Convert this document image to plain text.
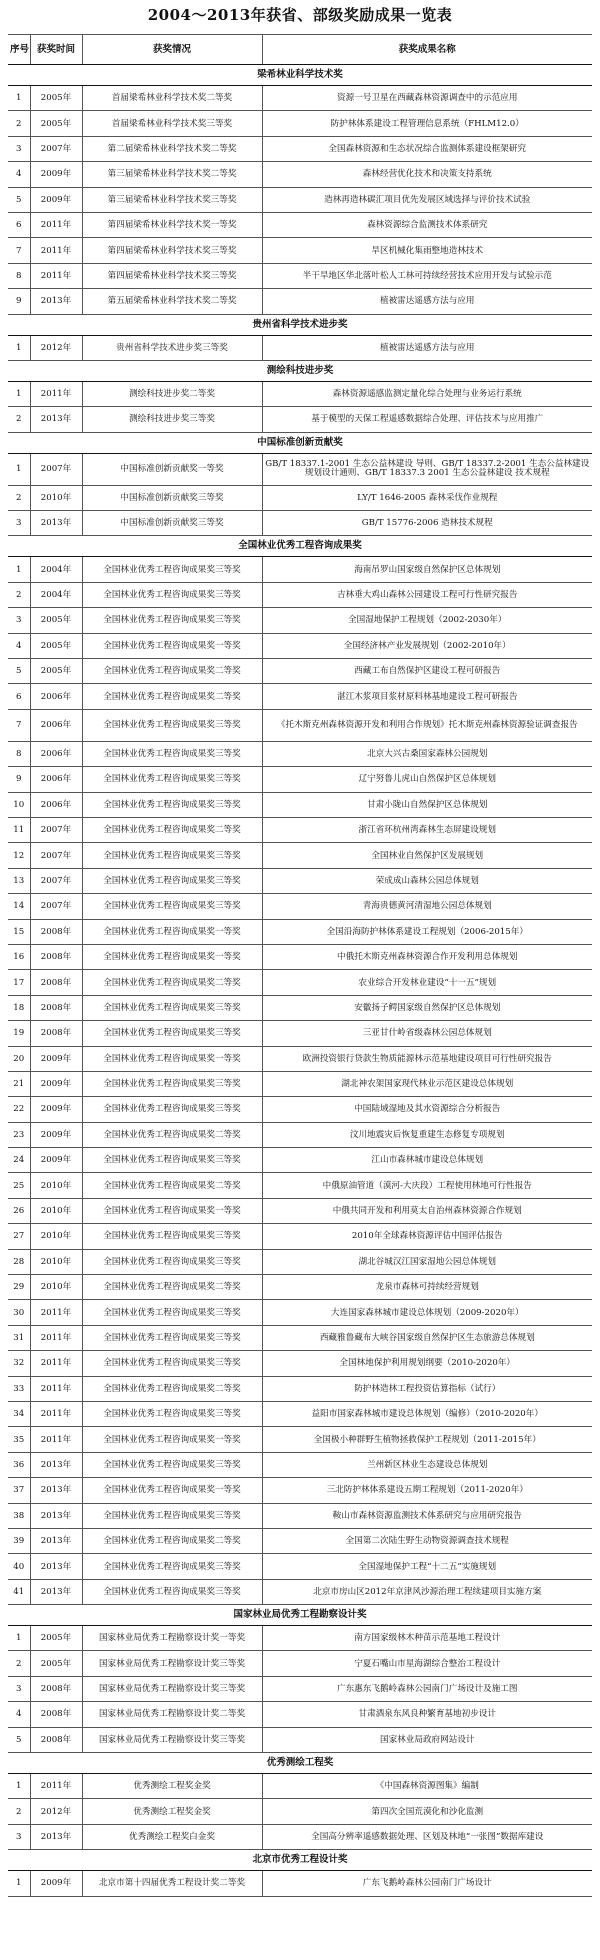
2004～2013年获省、部级奖励成果一览表
序号	获奖时间	获奖情况	获奖成果名称
梁希林业科学技术奖			
1	2005年	首届梁希林业科学技术奖二等奖	资源一号卫星在西藏森林资源调查中的示范应用
2	2005年	首届梁希林业科学技术奖三等奖	防护林体系建设工程管理信息系统（FHLM12.0）
3	2007年	第二届梁希林业科学技术奖二等奖	全国森林资源和生态状况综合监测体系建设框架研究
4	2009年	第三届梁希林业科学技术奖二等奖	森林经营优化技术和决策支持系统
5	2009年	第三届梁希林业科学技术奖三等奖	造林再造林碳汇项目优先发展区域选择与评价技术试验
6	2011年	第四届梁希林业科学技术奖一等奖	森林资源综合监测技术体系研究
7	2011年	第四届梁希林业科学技术奖三等奖	旱区机械化集雨整地造林技术
8	2011年	第四届梁希林业科学技术奖三等奖	半干旱地区华北落叶松人工林可持续经营技术应用开发与试验示范
9	2013年	第五届梁希林业科学技术奖二等奖	植被雷达遥感方法与应用
贵州省科学技术进步奖			
1	2012年	贵州省科学技术进步奖三等奖	植被雷达遥感方法与应用
测绘科技进步奖			
1	2011年	测绘科技进步奖二等奖	森林资源遥感监测定量化综合处理与业务运行系统
2	2013年	测绘科技进步奖三等奖	基于模型的天保工程遥感数据综合处理、评估技术与应用推广
中国标准创新贡献奖			
1	2007年	中国标准创新贡献奖一等奖	GB/T 18337.1-2001 生态公益林建设 导则、GB/T 18337.2-2001 生态公益林建设 规划设计通则、GB/T 18337.3 2001 生态公益林建设 技术规程
2	2010年	中国标准创新贡献奖三等奖	LY/T 1646-2005 森林采伐作业规程
3	2013年	中国标准创新贡献奖三等奖	GB/T 15776-2006 造林技术规程
全国林业优秀工程咨询成果奖			
1	2004年	全国林业优秀工程咨询成果奖三等奖	海南吊罗山国家级自然保护区总体规划
2	2004年	全国林业优秀工程咨询成果奖三等奖	吉林垂大鸡山森林公园建设工程可行性研究报告
3	2005年	全国林业优秀工程咨询成果奖三等奖	全国湿地保护工程规划（2002-2030年）
4	2005年	全国林业优秀工程咨询成果奖一等奖	全国经济林产业发展规划（2002-2010年）
5	2005年	全国林业优秀工程咨询成果奖二等奖	西藏工布自然保护区建设工程可研报告
6	2006年	全国林业优秀工程咨询成果奖二等奖	湛江木浆项目浆材原料林基地建设工程可研报告
7	2006年	全国林业优秀工程咨询成果奖三等奖	《托木斯克州森林资源开发和利用合作规划》托木斯克州森林资源验证调查报告
8	2006年	全国林业优秀工程咨询成果奖三等奖	北京大兴古桑国家森林公园规划
9	2006年	全国林业优秀工程咨询成果奖三等奖	辽宁努鲁儿虎山自然保护区总体规划
10	2006年	全国林业优秀工程咨询成果奖三等奖	甘肃小陇山自然保护区总体规划
11	2007年	全国林业优秀工程咨询成果奖二等奖	浙江省环杭州湾森林生态屏建设规划
12	2007年	全国林业优秀工程咨询成果奖三等奖	全国林业自然保护区发展规划
13	2007年	全国林业优秀工程咨询成果奖三等奖	荣成成山森林公园总体规划
14	2007年	全国林业优秀工程咨询成果奖三等奖	青海贵德黄河清湿地公园总体规划
15	2008年	全国林业优秀工程咨询成果奖一等奖	全国沿海防护林体系建设工程规划（2006-2015年）
16	2008年	全国林业优秀工程咨询成果奖一等奖	中俄托木斯克州森林资源合作开发利用总体规划
17	2008年	全国林业优秀工程咨询成果奖二等奖	农业综合开发林业建设“十一五”规划
18	2008年	全国林业优秀工程咨询成果奖三等奖	安徽扬子鳄国家级自然保护区总体规划
19	2008年	全国林业优秀工程咨询成果奖三等奖	三亚甘什岭省级森林公园总体规划
20	2009年	全国林业优秀工程咨询成果奖一等奖	欧洲投资银行贷款生物质能源林示范基地建设项目可行性研究报告
21	2009年	全国林业优秀工程咨询成果奖三等奖	湖北神农架国家现代林业示范区建设总体规划
22	2009年	全国林业优秀工程咨询成果奖三等奖	中国陆域湿地及其水资源综合分析报告
23	2009年	全国林业优秀工程咨询成果奖二等奖	汶川地震灾后恢复重建生态修复专项规划
24	2009年	全国林业优秀工程咨询成果奖三等奖	江山市森林城市建设总体规划
25	2010年	全国林业优秀工程咨询成果奖二等奖	中俄原油管道（漠河-大庆段）工程使用林地可行性报告
26	2010年	全国林业优秀工程咨询成果奖一等奖	中俄共同开发和利用莫太自治州森林资源合作规划
27	2010年	全国林业优秀工程咨询成果奖三等奖	2010年全球森林资源评估中国评估报告
28	2010年	全国林业优秀工程咨询成果奖三等奖	湖北谷城汉江国家湿地公园总体规划
29	2010年	全国林业优秀工程咨询成果奖二等奖	龙泉市森林可持续经营规划
30	2011年	全国林业优秀工程咨询成果奖三等奖	大连国家森林城市建设总体规划（2009-2020年）
31	2011年	全国林业优秀工程咨询成果奖三等奖	西藏雅鲁藏布大峡谷国家级自然保护区生态旅游总体规划
32	2011年	全国林业优秀工程咨询成果奖三等奖	全国林地保护利用规划纲要（2010-2020年）
33	2011年	全国林业优秀工程咨询成果奖二等奖	防护林造林工程投资估算指标（试行）
34	2011年	全国林业优秀工程咨询成果奖三等奖	益阳市国家森林城市建设总体规划（编修）（2010-2020年）
35	2011年	全国林业优秀工程咨询成果奖一等奖	全国极小种群野生植物拯救保护工程规划（2011-2015年）
36	2013年	全国林业优秀工程咨询成果奖三等奖	兰州新区林业生态建设总体规划
37	2013年	全国林业优秀工程咨询成果奖一等奖	三北防护林体系建设五期工程规划（2011-2020年）
38	2013年	全国林业优秀工程咨询成果奖三等奖	鞍山市森林资源监测技术体系研究与应用研究报告
39	2013年	全国林业优秀工程咨询成果奖二等奖	全国第二次陆生野生动物资源调查技术规程
40	2013年	全国林业优秀工程咨询成果奖三等奖	全国湿地保护工程“十二五”实施规划
41	2013年	全国林业优秀工程咨询成果奖三等奖	北京市房山区2012年京津风沙源治理工程续建项目实施方案
国家林业局优秀工程勘察设计奖			
1	2005年	国家林业局优秀工程勘察设计奖一等奖	南方国家级林木种苗示范基地工程设计
2	2005年	国家林业局优秀工程勘察设计奖三等奖	宁夏石嘴山市星海湖综合整治工程设计
3	2008年	国家林业局优秀工程勘察设计奖三等奖	广东惠东飞鹅岭森林公园南门广场设计及施工图
4	2008年	国家林业局优秀工程勘察设计奖二等奖	甘肃酒泉东风良种繁育基地初步设计
5	2008年	国家林业局优秀工程勘察设计奖三等奖	国家林业局政府网站设计
优秀测绘工程奖			
1	2011年	优秀测绘工程奖金奖	《中国森林资源图集》编制
2	2012年	优秀测绘工程奖金奖	第四次全国荒漠化和沙化监测
3	2013年	优秀测绘工程奖白金奖	全国高分辨率遥感数据处理、区划及林地“一张图”数据库建设
北京市优秀工程设计奖			
1	2009年	北京市第十四届优秀工程设计奖二等奖	广东飞鹅岭森林公园南门广场设计
